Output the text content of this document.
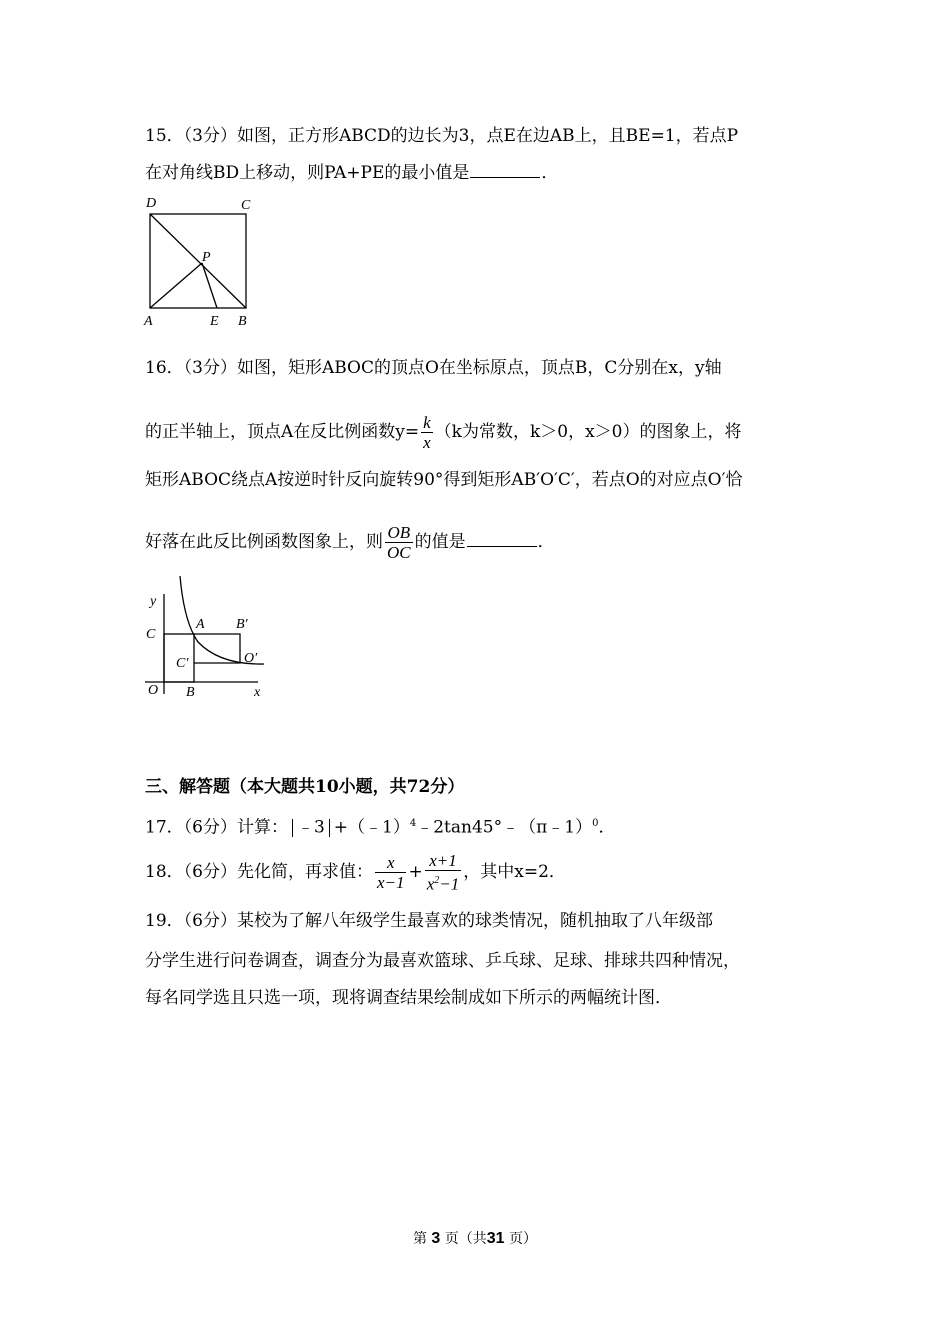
15．（3分）如图，正方形ABCD的边长为3，点E在边AB上，且BE=1，若点P
在对角线BD上移动，则PA+PE的最小值是	．
D	C
P
A	E B
16．（3分）如图，矩形ABOC的顶点O在坐标原点，顶点B，C分别在x，y轴
的正半轴上，顶点A在反比例函数$y= \frac{k}{x} (k$为常数，k＞0，x＞0）的图象上，将
矩形ABOC绕点A按逆时针反向旋转90°得到矩形AB′O′C′，若点O的对应点O′恰
好落在此反比例函数图象上，则 $\frac{OB}{OC}$ 的值是	．
y
C
A B′
C′	O′
O B	x
三、解答题（本大题共10小题，共72分）
17．（6分）计算： ﹣3 +（﹣1）$^4$﹣2tan45°﹣（π﹣1）$^0$．
18．（6分）先化简，再求值： $\frac{x}{x-1} + \frac{x+1}{x^2-1}$ ，其中x=2．
19．（6分）某校为了解八年级学生最喜欢的球类情况，随机抽取了八年级部
分学生进行问卷调查，调查分为最喜欢篮球、乒乓球、足球、排球共四种情况，
每名同学选且只选一项，现将调查结果绘制成如下所示的两幅统计图．
第 3 页（共31 页）
